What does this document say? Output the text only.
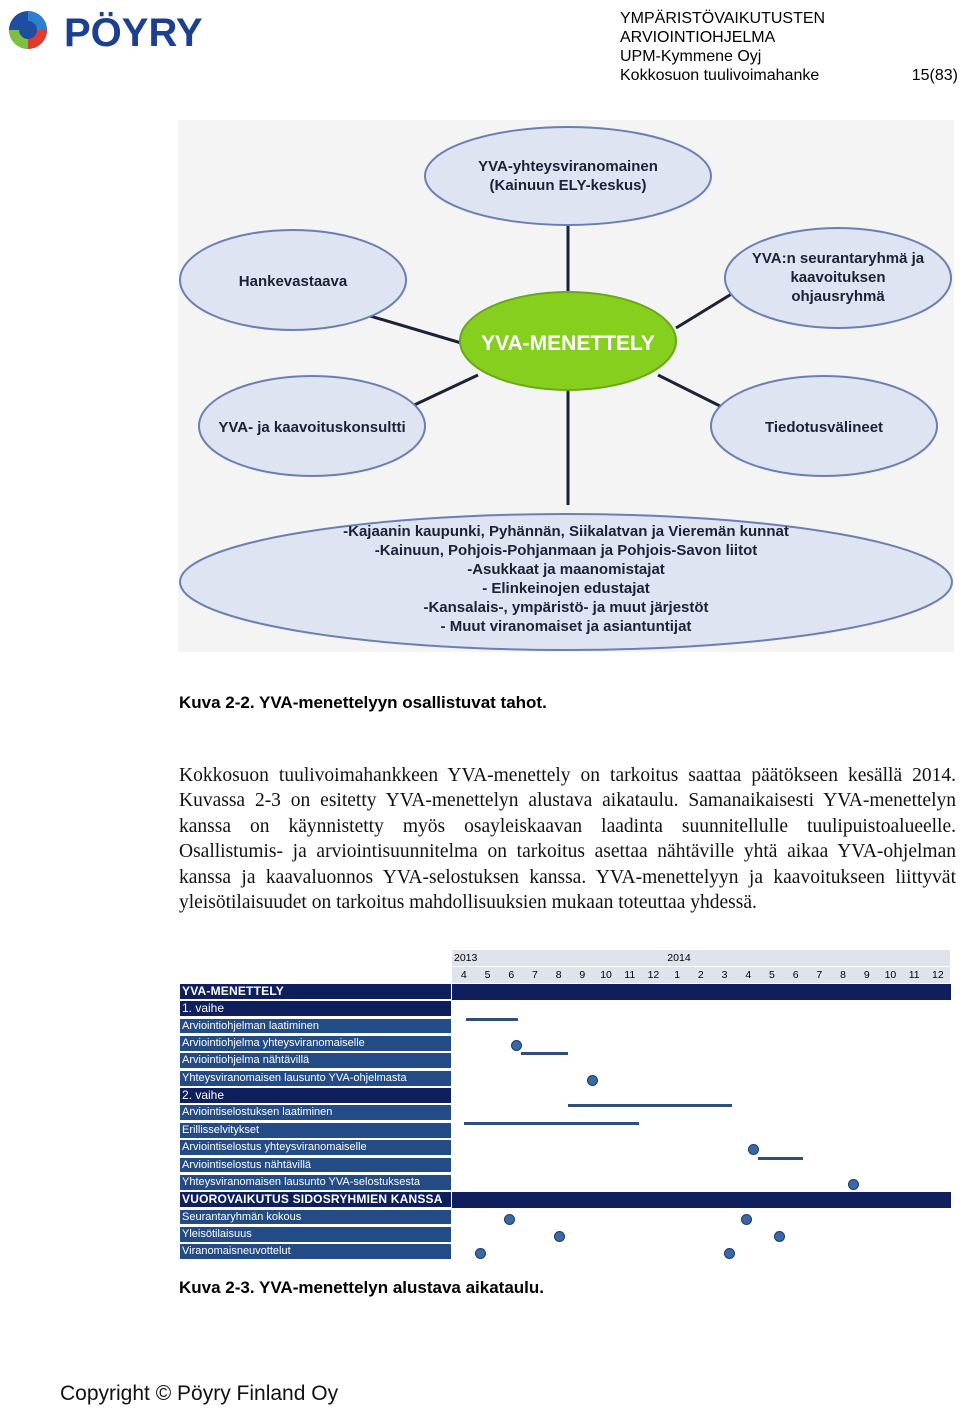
PÖYRY	YMPÄRISTÖVAIKUTUSTEN
ARVIOINTIOHJELMA
UPM-Kymmene Oyj
Kokkosuon tuulivoimahanke	15(83)
YVA-yhteysviranomainen
(Kainuun ELY-keskus)
Hankevastaava
YVA:n seurantaryhmä ja
kaavoituksen
ohjausryhmä
YVA-MENETTELY
YVA- ja kaavoituskonsultti	Tiedotusvälineet
-Kajaanin kaupunki, Pyhännän, Siikalatvan ja Vieremän kunnat
-Kainuun, Pohjois-Pohjanmaan ja Pohjois-Savon liitot
-Asukkaat ja maanomistajat
- Elinkeinojen edustajat
-Kansalais-, ympäristö- ja muut järjestöt
- Muut viranomaiset ja asiantuntijat
Kuva 2-2. YVA-menettelyyn osallistuvat tahot.
Kokkosuon tuulivoimahankkeen YVA-menettely on tarkoitus saattaa päätökseen kesällä 2014. Kuvassa 2-3 on esitetty YVA-menettelyn alustava aikataulu. Samanaikaisesti YVA-menettelyn kanssa on käynnistetty myös osayleiskaavan laadinta suunnitellulle tuulipuistoalueelle. Osallistumis- ja arviointisuunnitelma on tarkoitus asettaa nähtäville yhtä aikaa YVA-ohjelman kanssa ja kaavaluonnos YVA-selostuksen kanssa. YVA-menettelyyn ja kaavoitukseen liittyvät yleisötilaisuudet on tarkoitus mahdollisuuksien mukaan toteuttaa yhdessä.
2013	2014
4	5	6	7	8	9	10	11	12	1	2	3	4	5	6	7	8	9	10	11	12
YVA-MENETTELY
1. vaihe
Arviointiohjelman laatiminen
Arviointiohjelma yhteysviranomaiselle
Arviointiohjelma nähtävillä
Yhteysviranomaisen lausunto YVA-ohjelmasta
2. vaihe
Arviointiselostuksen laatiminen
Erillisselvitykset
Arviointiselostus yhteysviranomaiselle
Arviointiselostus nähtävillä
Yhteysviranomaisen lausunto YVA-selostuksesta
VUOROVAIKUTUS SIDOSRYHMIEN KANSSA
Seurantaryhmän kokous
Yleisötilaisuus
Viranomaisneuvottelut
Kuva 2-3. YVA-menettelyn alustava aikataulu.
Copyright © Pöyry Finland Oy
